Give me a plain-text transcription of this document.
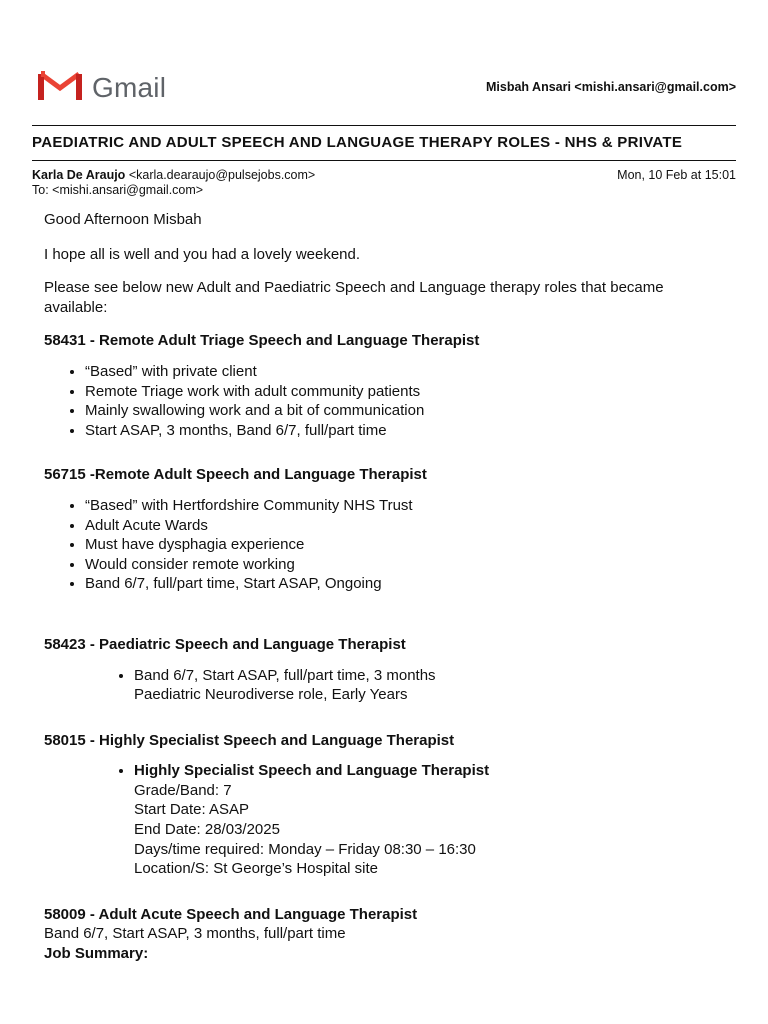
Gmail	Misbah Ansari <mishi.ansari@gmail.com>
PAEDIATRIC AND ADULT SPEECH AND LANGUAGE THERAPY ROLES - NHS & PRIVATE
Karla De Araujo <karla.dearaujo@pulsejobs.com>
To: <mishi.ansari@gmail.com>
Mon, 10 Feb at 15:01

Good Afternoon Misbah

I hope all is well and you had a lovely weekend.

Please see below new Adult and Paediatric Speech and Language therapy roles that became available:

58431 - Remote Adult Triage Speech and Language Therapist

• “Based” with private client
• Remote Triage work with adult community patients
• Mainly swallowing work and a bit of communication
• Start ASAP, 3 months, Band 6/7, full/part time

56715 -Remote Adult Speech and Language Therapist

• “Based” with Hertfordshire Community NHS Trust
• Adult Acute Wards
• Must have dysphagia experience
• Would consider remote working
• Band 6/7, full/part time, Start ASAP, Ongoing

58423 - Paediatric Speech and Language Therapist

• Band 6/7, Start ASAP, full/part time, 3 months
Paediatric Neurodiverse role, Early Years

58015 - Highly Specialist Speech and Language Therapist

• Highly Specialist Speech and Language Therapist
Grade/Band: 7
Start Date: ASAP
End Date: 28/03/2025
Days/time required: Monday – Friday 08:30 – 16:30
Location/S: St George’s Hospital site

58009 - Adult Acute Speech and Language Therapist

Band 6/7, Start ASAP, 3 months, full/part time

Job Summary:
